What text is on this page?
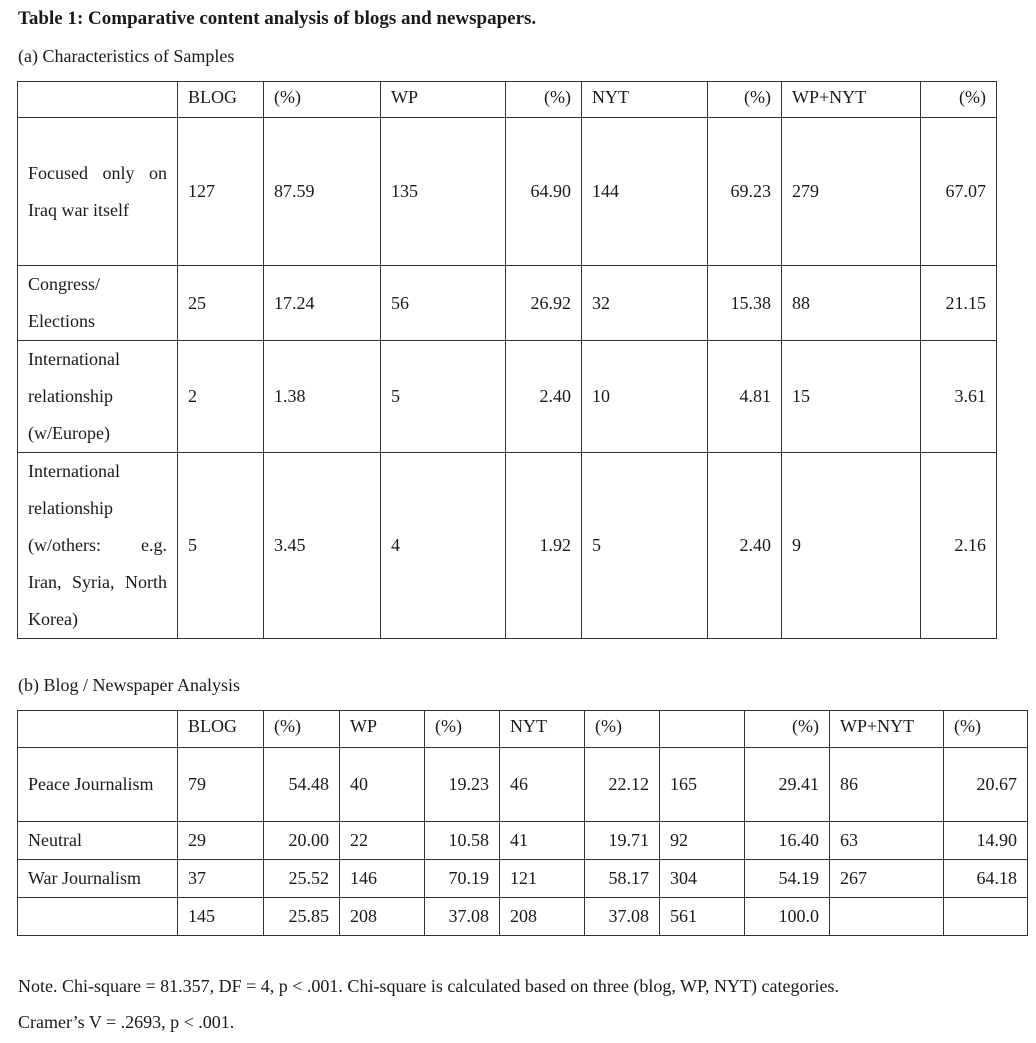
Table 1: Comparative content analysis of blogs and newspapers.
(a) Characteristics of Samples
	BLOG	(%)	WP	(%)	NYT	(%)	WP+NYT	(%)
Focused only on Iraq war itself	127	87.59	135	64.90	144	69.23	279	67.07
Congress/ Elections	25	17.24	56	26.92	32	15.38	88	21.15
International relationship (w/Europe)	2	1.38	5	2.40	10	4.81	15	3.61
International relationship (w/others: e.g. Iran, Syria, North Korea)	5	3.45	4	1.92	5	2.40	9	2.16
(b) Blog / Newspaper Analysis
	BLOG	(%)	WP	(%)	NYT	(%)		(%)	WP+NYT	(%)
Peace Journalism	79	54.48	40	19.23	46	22.12	165	29.41	86	20.67
Neutral	29	20.00	22	10.58	41	19.71	92	16.40	63	14.90
War Journalism	37	25.52	146	70.19	121	58.17	304	54.19	267	64.18
	145	25.85	208	37.08	208	37.08	561	100.0		
Note. Chi-square = 81.357, DF = 4, p < .001. Chi-square is calculated based on three (blog, WP, NYT) categories.
Cramer’s V = .2693, p < .001.
